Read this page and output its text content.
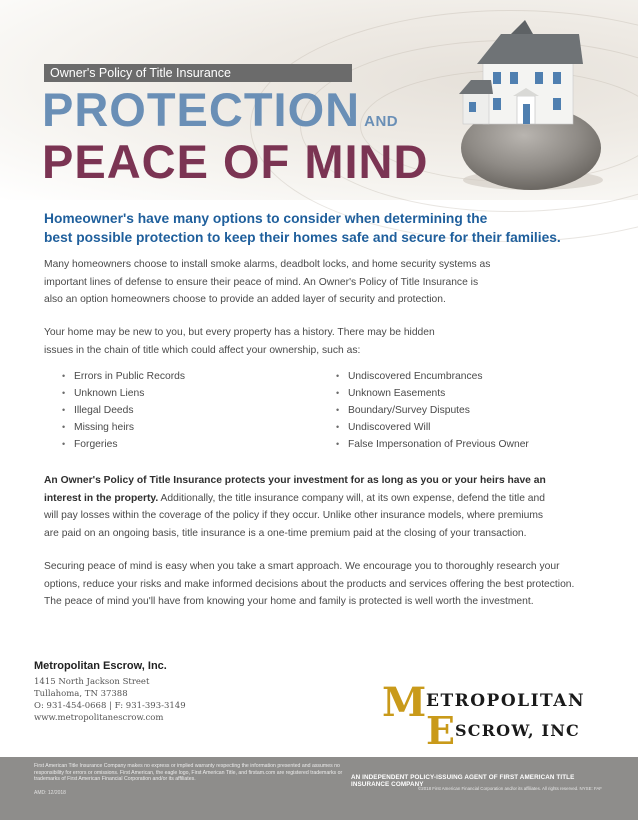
Owner's Policy of Title Insurance
PROTECTION AND
PEACE OF MIND
Homeowner's have many options to consider when determining the
best possible protection to keep their homes safe and secure for their families.
Many homeowners choose to install smoke alarms, deadbolt locks, and home security systems as
important lines of defense to ensure their peace of mind. An Owner's Policy of Title Insurance is
also an option homeowners choose to provide an added layer of security and protection.
Your home may be new to you, but every property has a history. There may be hidden
issues in the chain of title which could affect your ownership, such as:
• Errors in Public Records
• Unknown Liens
• Illegal Deeds
• Missing heirs
• Forgeries
• Undiscovered Encumbrances
• Unknown Easements
• Boundary/Survey Disputes
• Undiscovered Will
• False Impersonation of Previous Owner
An Owner's Policy of Title Insurance protects your investment for as long as you or your heirs have an
interest in the property. Additionally, the title insurance company will, at its own expense, defend the title and
will pay losses within the coverage of the policy if they occur. Unlike other insurance models, where premiums
are paid on an ongoing basis, title insurance is a one-time premium paid at the closing of your transaction.
Securing peace of mind is easy when you take a smart approach. We encourage you to thoroughly research your
options, reduce your risks and make informed decisions about the products and services offering the best protection.
The peace of mind you'll have from knowing your home and family is protected is well worth the investment.
Metropolitan Escrow, Inc.
1415 North Jackson Street
Tullahoma, TN 37388
O: 931-454-0668 | F: 931-393-3149
www.metropolitanescrow.com	M ETROPOLITAN
E SCROW, INC
First American Title Insurance Company makes no express or implied warranty respecting the information presented and assumes no responsibility for errors or omissions. First American, the eagle logo, First American Title, and firstam.com are registered trademarks or trademarks of First American Financial Corporation and/or its affiliates.
AMD: 12/2018
AN INDEPENDENT POLICY-ISSUING AGENT OF FIRST AMERICAN TITLE INSURANCE COMPANY
©2018 First American Financial Corporation and/or its affiliates. All rights reserved. NYSE: FAF
